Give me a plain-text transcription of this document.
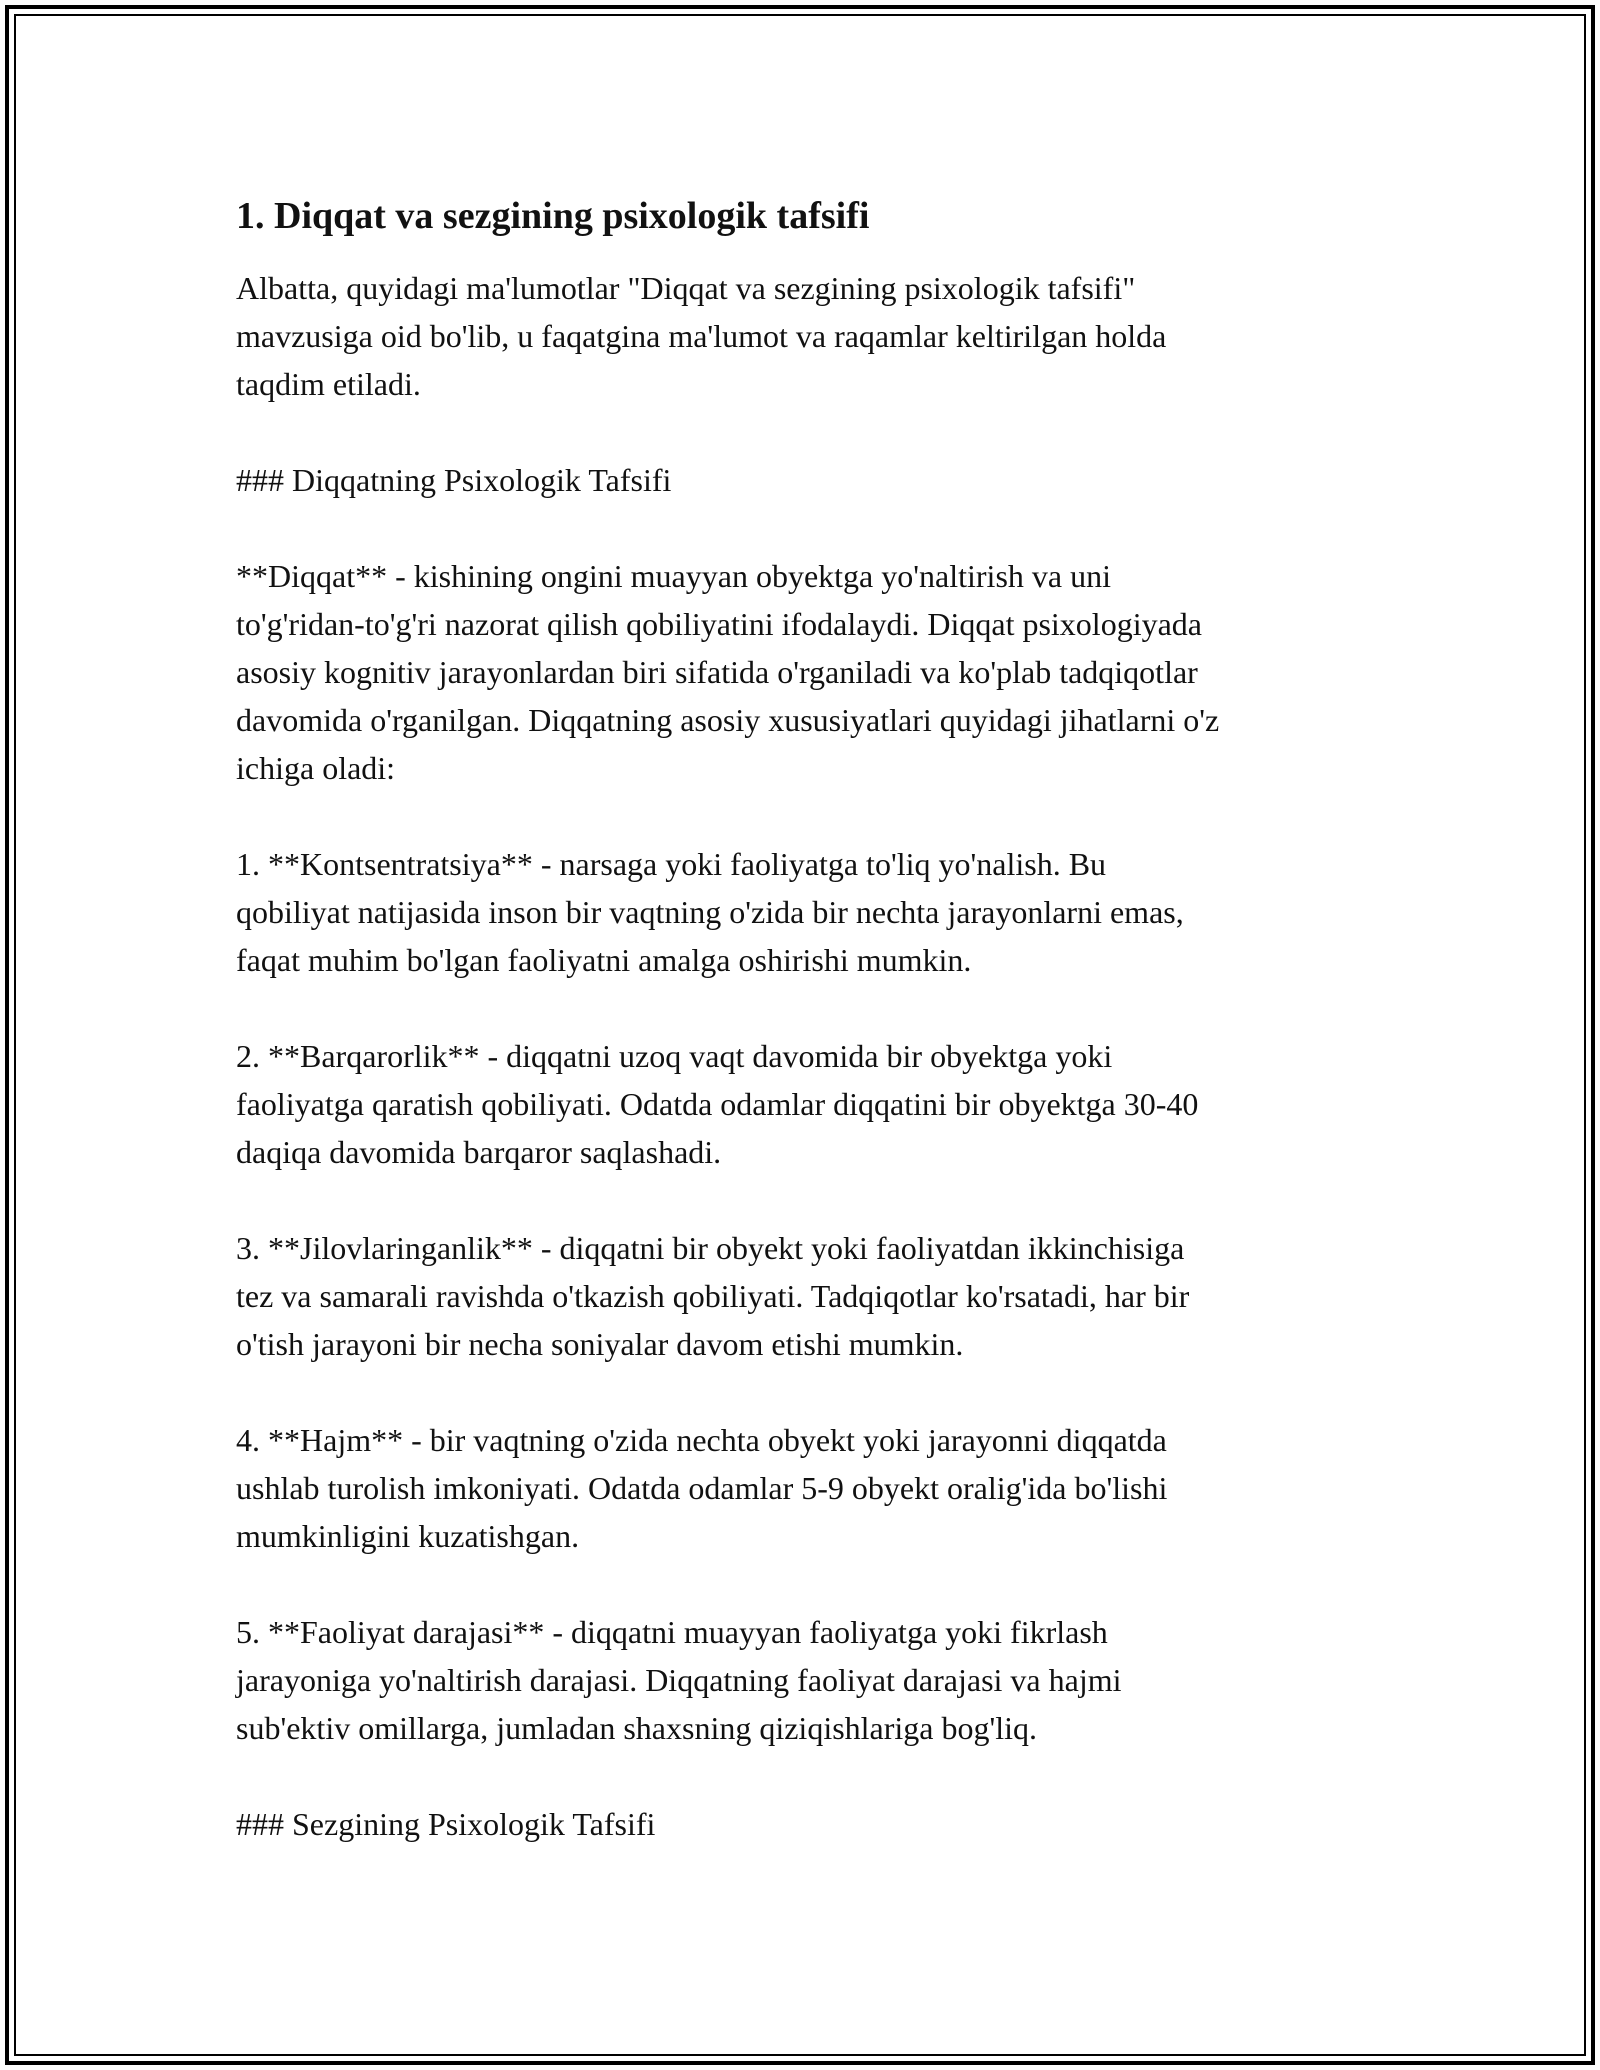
1. Diqqat va sezgining psixologik tafsifi

Albatta, quyidagi ma'lumotlar "Diqqat va sezgining psixologik tafsifi"
mavzusiga oid bo'lib, u faqatgina ma'lumot va raqamlar keltirilgan holda
taqdim etiladi.

### Diqqatning Psixologik Tafsifi

**Diqqat** - kishining ongini muayyan obyektga yo'naltirish va uni
to'g'ridan-to'g'ri nazorat qilish qobiliyatini ifodalaydi. Diqqat psixologiyada
asosiy kognitiv jarayonlardan biri sifatida o'rganiladi va ko'plab tadqiqotlar
davomida o'rganilgan. Diqqatning asosiy xususiyatlari quyidagi jihatlarni o'z
ichiga oladi:

1. **Kontsentratsiya** - narsaga yoki faoliyatga to'liq yo'nalish. Bu
qobiliyat natijasida inson bir vaqtning o'zida bir nechta jarayonlarni emas,
faqat muhim bo'lgan faoliyatni amalga oshirishi mumkin.

2. **Barqarorlik** - diqqatni uzoq vaqt davomida bir obyektga yoki
faoliyatga qaratish qobiliyati. Odatda odamlar diqqatini bir obyektga 30-40
daqiqa davomida barqaror saqlashadi.

3. **Jilovlaringanlik** - diqqatni bir obyekt yoki faoliyatdan ikkinchisiga
tez va samarali ravishda o'tkazish qobiliyati. Tadqiqotlar ko'rsatadi, har bir
o'tish jarayoni bir necha soniyalar davom etishi mumkin.

4. **Hajm** - bir vaqtning o'zida nechta obyekt yoki jarayonni diqqatda
ushlab turolish imkoniyati. Odatda odamlar 5-9 obyekt oralig'ida bo'lishi
mumkinligini kuzatishgan.

5. **Faoliyat darajasi** - diqqatni muayyan faoliyatga yoki fikrlash
jarayoniga yo'naltirish darajasi. Diqqatning faoliyat darajasi va hajmi
sub'ektiv omillarga, jumladan shaxsning qiziqishlariga bog'liq.

### Sezgining Psixologik Tafsifi
